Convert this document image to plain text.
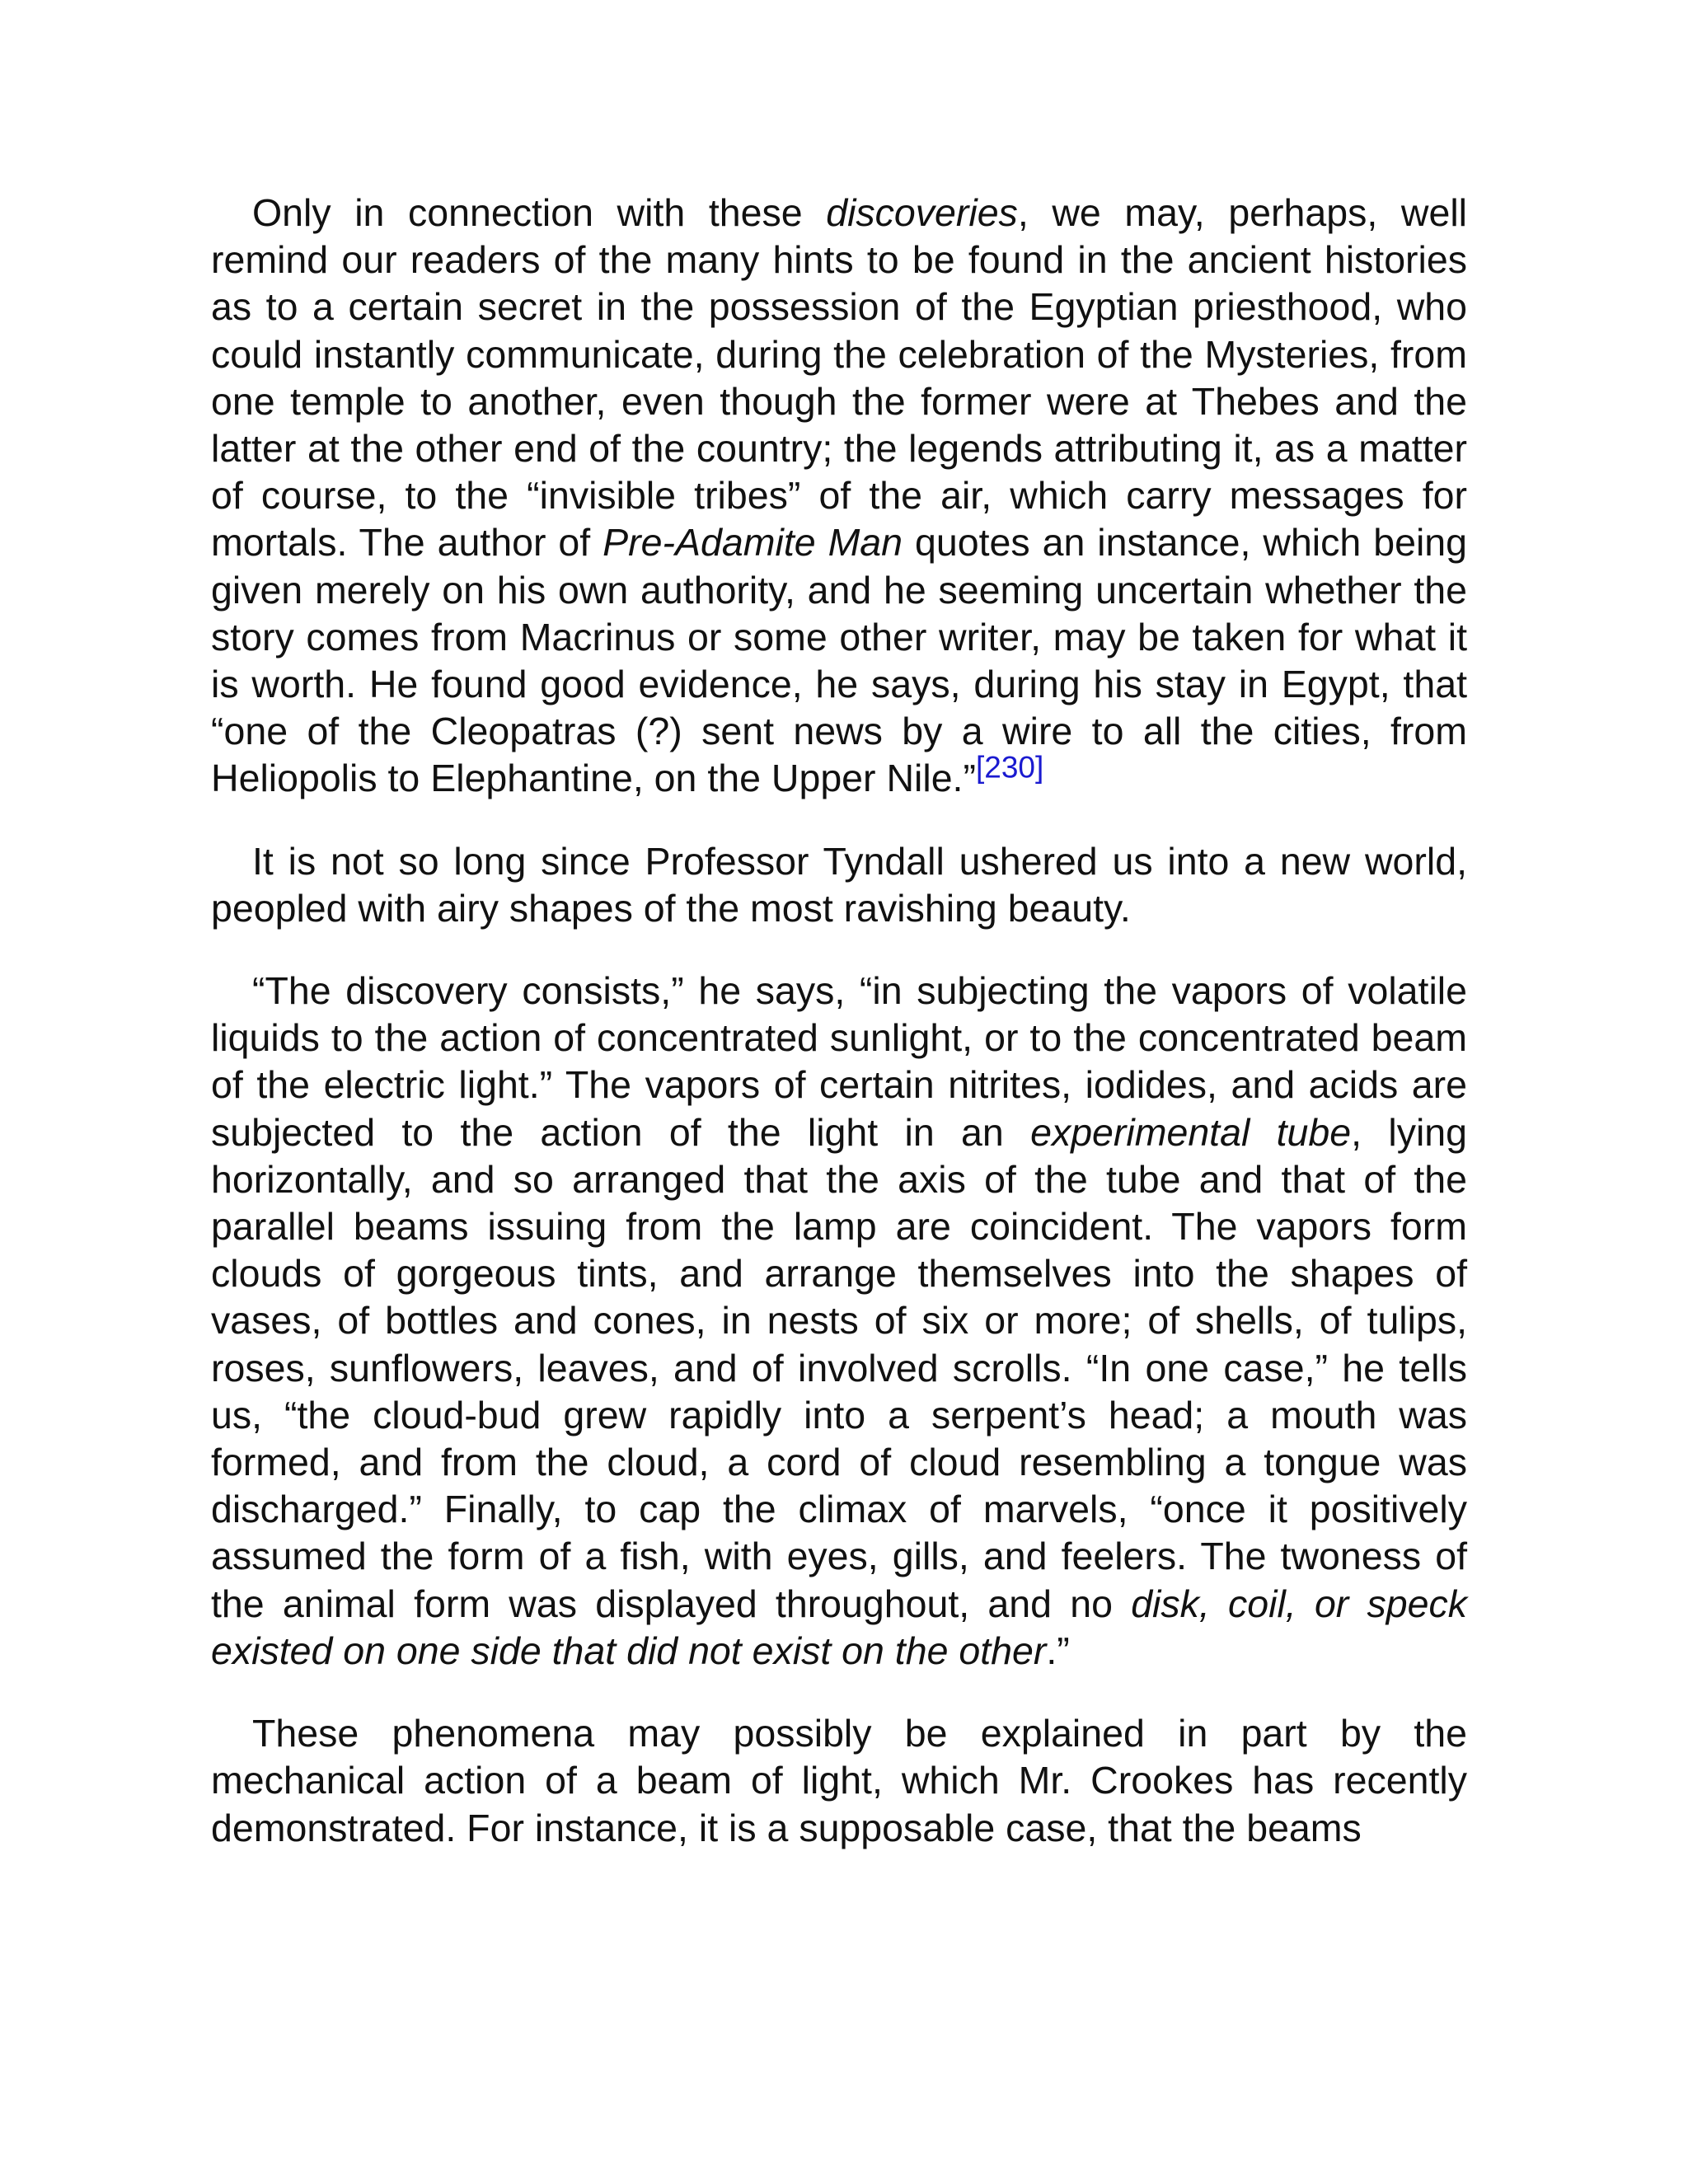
Only in connection with these discoveries, we may, perhaps, well remind our readers of the many hints to be found in the ancient histories as to a certain secret in the possession of the Egyptian priesthood, who could instantly communicate, during the celebration of the Mysteries, from one temple to another, even though the former were at Thebes and the latter at the other end of the country; the legends attributing it, as a matter of course, to the “invisible tribes” of the air, which carry messages for mortals. The author of Pre-Adamite Man quotes an instance, which being given merely on his own authority, and he seeming uncertain whether the story comes from Macrinus or some other writer, may be taken for what it is worth. He found good evidence, he says, during his stay in Egypt, that “one of the Cleopatras (?) sent news by a wire to all the cities, from Heliopolis to Elephantine, on the Upper Nile.”[230]

It is not so long since Professor Tyndall ushered us into a new world, peopled with airy shapes of the most ravishing beauty.

“The discovery consists,” he says, “in subjecting the vapors of volatile liquids to the action of concentrated sunlight, or to the concentrated beam of the electric light.” The vapors of certain nitrites, iodides, and acids are subjected to the action of the light in an experimental tube, lying horizontally, and so arranged that the axis of the tube and that of the parallel beams issuing from the lamp are coincident. The vapors form clouds of gorgeous tints, and arrange themselves into the shapes of vases, of bottles and cones, in nests of six or more; of shells, of tulips, roses, sunflowers, leaves, and of involved scrolls. “In one case,” he tells us, “the cloud-bud grew rapidly into a serpent’s head; a mouth was formed, and from the cloud, a cord of cloud resembling a tongue was discharged.” Finally, to cap the climax of marvels, “once it positively assumed the form of a fish, with eyes, gills, and feelers. The twoness of the animal form was displayed throughout, and no disk, coil, or speck existed on one side that did not exist on the other.”

These phenomena may possibly be explained in part by the mechanical action of a beam of light, which Mr. Crookes has recently demonstrated. For instance, it is a supposable case, that the beams
